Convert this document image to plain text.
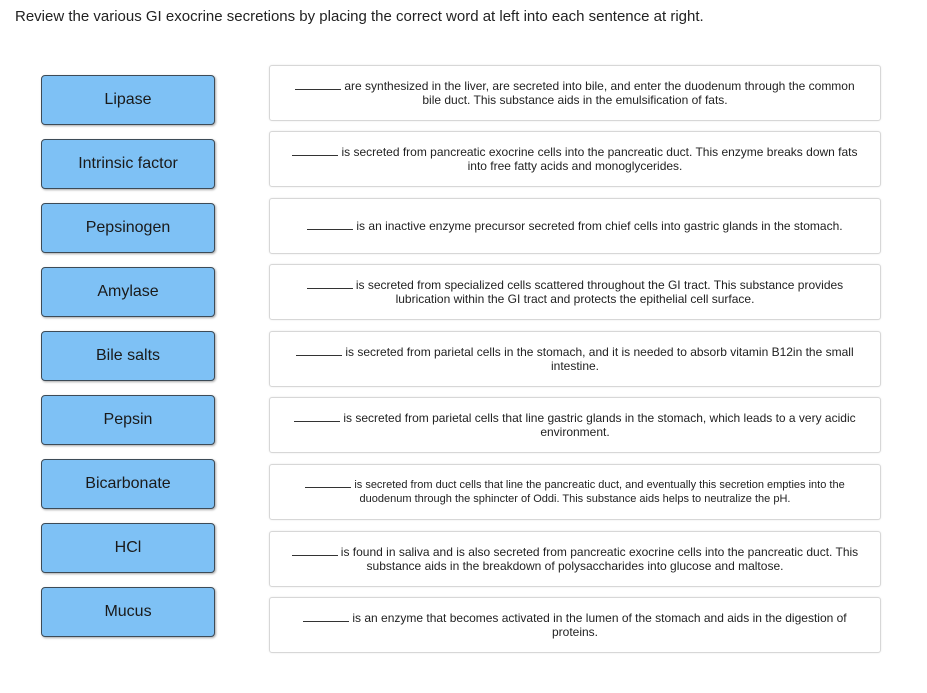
Review the various GI exocrine secretions by placing the correct word at left into each sentence at right.
Lipase
Intrinsic factor
Pepsinogen
Amylase
Bile salts
Pepsin
Bicarbonate
HCl
Mucus
are synthesized in the liver, are secreted into bile, and enter the duodenum through the common bile duct. This substance aids in the emulsification of fats.
is secreted from pancreatic exocrine cells into the pancreatic duct. This enzyme breaks down fats into free fatty acids and monoglycerides.
is an inactive enzyme precursor secreted from chief cells into gastric glands in the stomach.
is secreted from specialized cells scattered throughout the GI tract. This substance provides lubrication within the GI tract and protects the epithelial cell surface.
is secreted from parietal cells in the stomach, and it is needed to absorb vitamin B12in the small intestine.
is secreted from parietal cells that line gastric glands in the stomach, which leads to a very acidic environment.
is secreted from duct cells that line the pancreatic duct, and eventually this secretion empties into the duodenum through the sphincter of Oddi. This substance aids helps to neutralize the pH.
is found in saliva and is also secreted from pancreatic exocrine cells into the pancreatic duct. This substance aids in the breakdown of polysaccharides into glucose and maltose.
is an enzyme that becomes activated in the lumen of the stomach and aids in the digestion of proteins.
